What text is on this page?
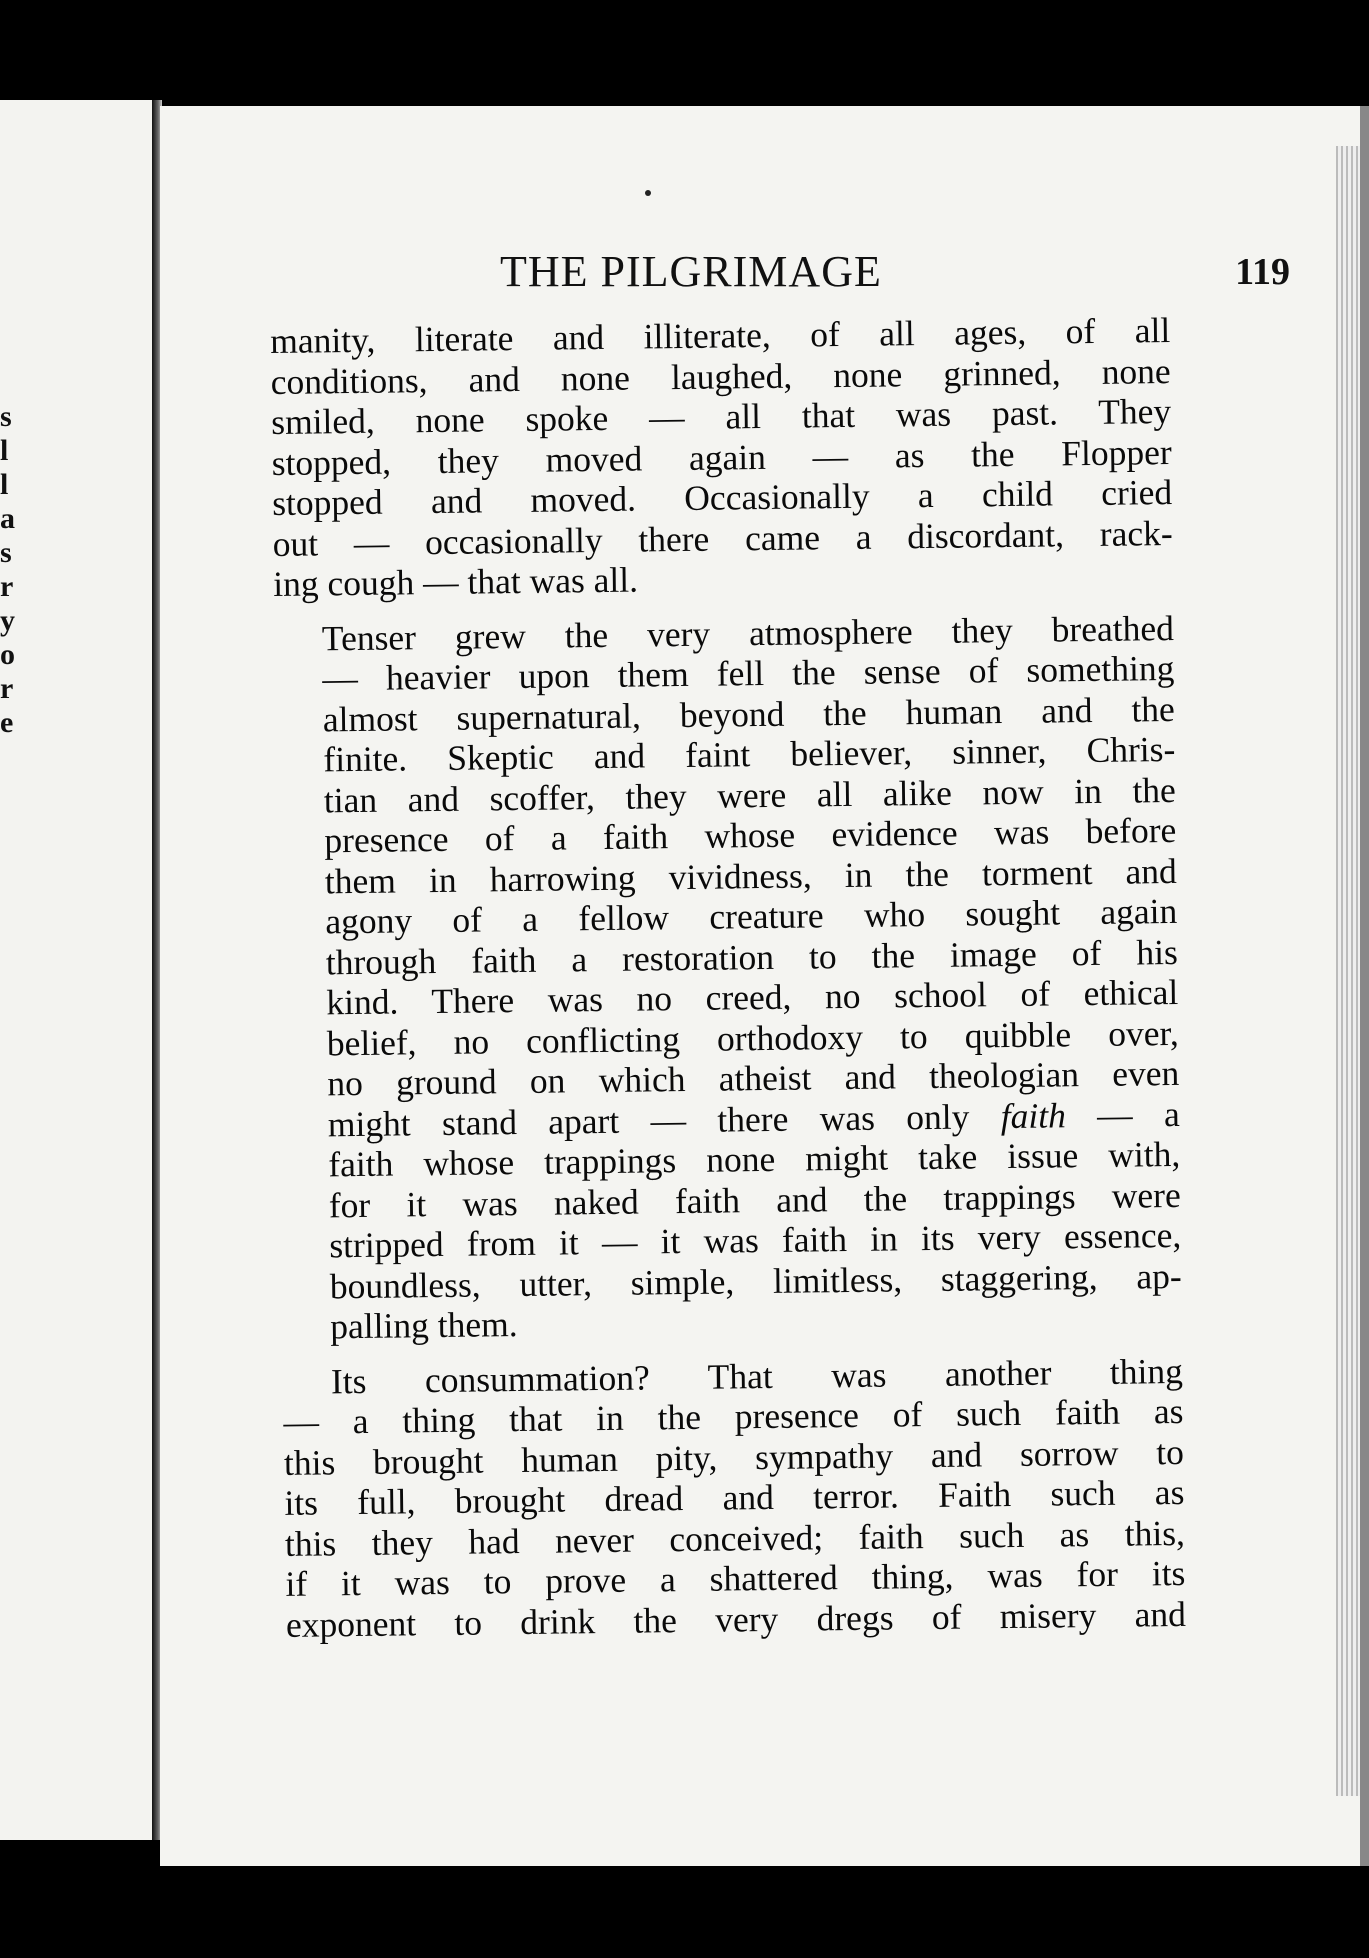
s
l
l
a
s
r
y
o
r
e
THE PILGRIMAGE	119

manity, literate and illiterate, of all ages, of all
conditions, and none laughed, none grinned, none
smiled, none spoke — all that was past. They
stopped, they moved again — as the Flopper
stopped and moved. Occasionally a child cried
out — occasionally there came a discordant, rack-
ing cough — that was all.

Tenser grew the very atmosphere they breathed
— heavier upon them fell the sense of something
almost supernatural, beyond the human and the
finite. Skeptic and faint believer, sinner, Chris-
tian and scoffer, they were all alike now in the
presence of a faith whose evidence was before
them in harrowing vividness, in the torment and
agony of a fellow creature who sought again
through faith a restoration to the image of his
kind. There was no creed, no school of ethical
belief, no conflicting orthodoxy to quibble over,
no ground on which atheist and theologian even
might stand apart — there was only faith — a
faith whose trappings none might take issue with,
for it was naked faith and the trappings were
stripped from it — it was faith in its very essence,
boundless, utter, simple, limitless, staggering, ap-
palling them.

Its consummation? That was another thing
— a thing that in the presence of such faith as
this brought human pity, sympathy and sorrow to
its full, brought dread and terror. Faith such as
this they had never conceived; faith such as this,
if it was to prove a shattered thing, was for its
exponent to drink the very dregs of misery and
